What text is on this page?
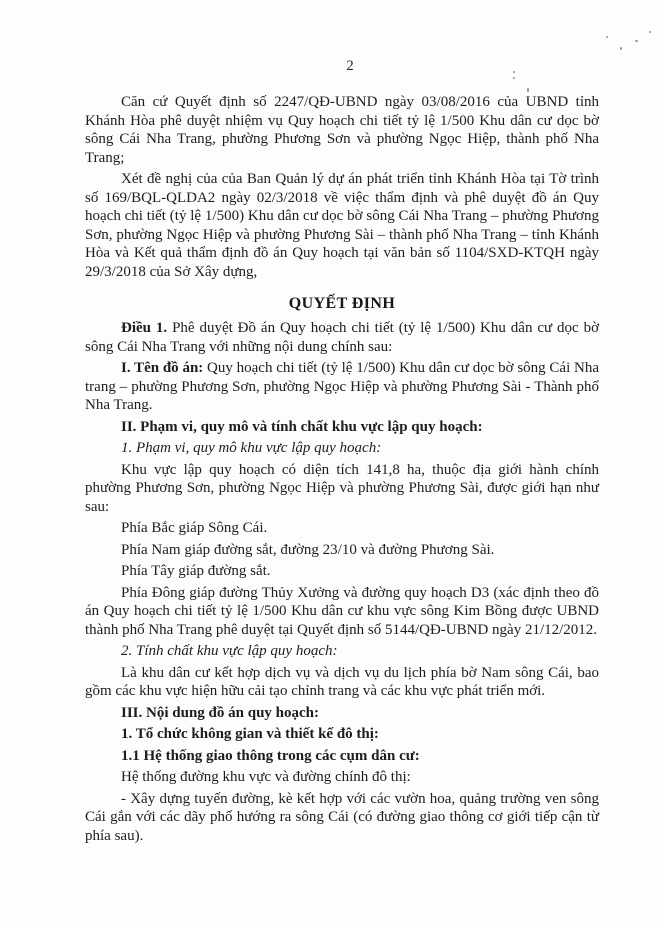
2

Căn cứ Quyết định số 2247/QĐ-UBND ngày 03/08/2016 của UBND tỉnh Khánh Hòa phê duyệt nhiệm vụ Quy hoạch chi tiết tỷ lệ 1/500 Khu dân cư dọc bờ sông Cái Nha Trang, phường Phương Sơn và phường Ngọc Hiệp, thành phố Nha Trang;

Xét đề nghị của của Ban Quản lý dự án phát triển tỉnh Khánh Hòa tại Tờ trình số 169/BQL-QLDA2 ngày 02/3/2018 về việc thẩm định và phê duyệt đồ án Quy hoạch chi tiết (tỷ lệ 1/500) Khu dân cư dọc bờ sông Cái Nha Trang – phường Phương Sơn, phường Ngọc Hiệp và phường Phương Sài – thành phố Nha Trang – tỉnh Khánh Hòa và Kết quả thẩm định đồ án Quy hoạch tại văn bản số 1104/SXD-KTQH ngày 29/3/2018 của Sở Xây dựng,

QUYẾT ĐỊNH

Điều 1. Phê duyệt Đồ án Quy hoạch chi tiết (tỷ lệ 1/500) Khu dân cư dọc bờ sông Cái Nha Trang với những nội dung chính sau:

I. Tên đồ án: Quy hoạch chi tiết (tỷ lệ 1/500) Khu dân cư dọc bờ sông Cái Nha trang – phường Phương Sơn, phường Ngọc Hiệp và phường Phương Sài - Thành phố Nha Trang.

II. Phạm vi, quy mô và tính chất khu vực lập quy hoạch:

1. Phạm vi, quy mô khu vực lập quy hoạch:

Khu vực lập quy hoạch có diện tích 141,8 ha, thuộc địa giới hành chính phường Phương Sơn, phường Ngọc Hiệp và phường Phương Sài, được giới hạn như sau:

Phía Bắc giáp Sông Cái.

Phía Nam giáp đường sắt, đường 23/10 và đường Phương Sài.

Phía Tây giáp đường sắt.

Phía Đông giáp đường Thủy Xưởng và đường quy hoạch D3 (xác định theo đồ án Quy hoạch chi tiết tỷ lệ 1/500 Khu dân cư khu vực sông Kim Bồng được UBND thành phố Nha Trang phê duyệt tại Quyết định số 5144/QĐ-UBND ngày 21/12/2012.

2. Tính chất khu vực lập quy hoạch:

Là khu dân cư kết hợp dịch vụ và dịch vụ du lịch phía bờ Nam sông Cái, bao gồm các khu vực hiện hữu cải tạo chỉnh trang và các khu vực phát triển mới.

III. Nội dung đồ án quy hoạch:

1. Tổ chức không gian và thiết kế đô thị:

1.1 Hệ thống giao thông trong các cụm dân cư:

Hệ thống đường khu vực và đường chính đô thị:

- Xây dựng tuyến đường, kè kết hợp với các vườn hoa, quảng trường ven sông Cái gắn với các dãy phố hướng ra sông Cái (có đường giao thông cơ giới tiếp cận từ phía sau).
